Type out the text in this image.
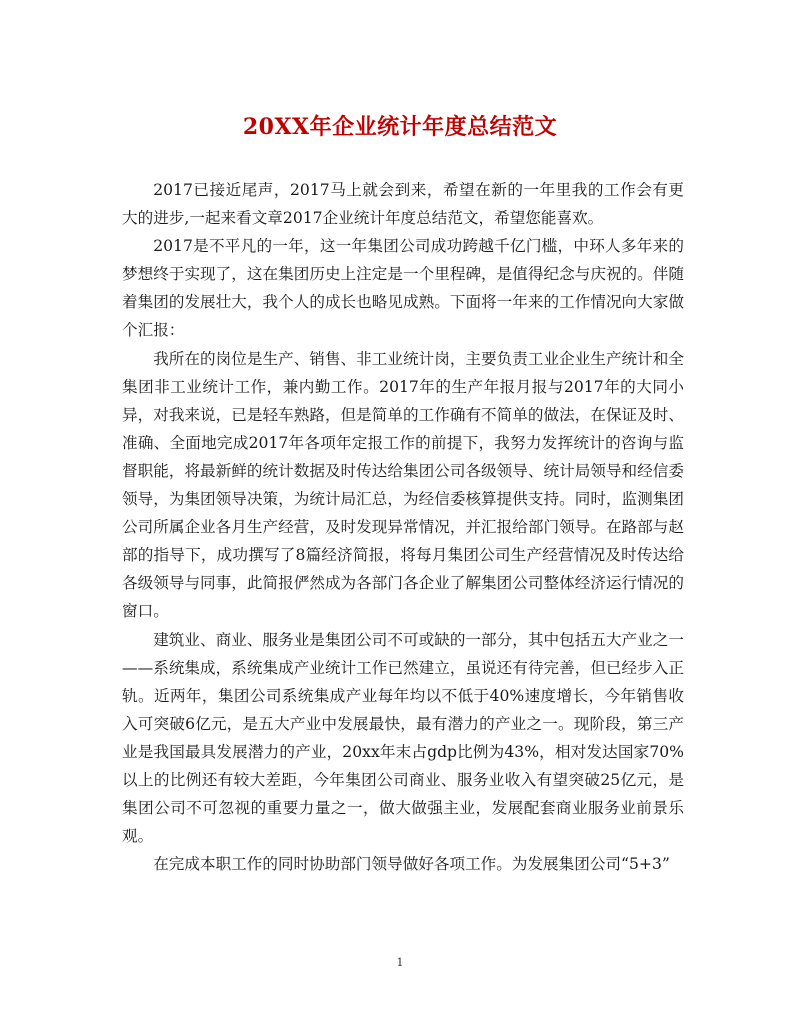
20XX年企业统计年度总结范文

2017已接近尾声，2017马上就会到来，希望在新的一年里我的工作会有更大的进步,一起来看文章2017企业统计年度总结范文，希望您能喜欢。

2017是不平凡的一年，这一年集团公司成功跨越千亿门槛，中环人多年来的梦想终于实现了，这在集团历史上注定是一个里程碑，是值得纪念与庆祝的。伴随着集团的发展壮大，我个人的成长也略见成熟。下面将一年来的工作情况向大家做个汇报：

我所在的岗位是生产、销售、非工业统计岗，主要负责工业企业生产统计和全集团非工业统计工作，兼内勤工作。2017年的生产年报月报与2017年的大同小异，对我来说，已是轻车熟路，但是简单的工作确有不简单的做法，在保证及时、准确、全面地完成2017年各项年定报工作的前提下，我努力发挥统计的咨询与监督职能，将最新鲜的统计数据及时传达给集团公司各级领导、统计局领导和经信委领导，为集团领导决策，为统计局汇总，为经信委核算提供支持。同时，监测集团公司所属企业各月生产经营，及时发现异常情况，并汇报给部门领导。在路部与赵部的指导下，成功撰写了8篇经济简报，将每月集团公司生产经营情况及时传达给各级领导与同事，此简报俨然成为各部门各企业了解集团公司整体经济运行情况的窗口。

建筑业、商业、服务业是集团公司不可或缺的一部分，其中包括五大产业之一——系统集成，系统集成产业统计工作已然建立，虽说还有待完善，但已经步入正轨。近两年，集团公司系统集成产业每年均以不低于40%速度增长，今年销售收入可突破6亿元，是五大产业中发展最快，最有潜力的产业之一。现阶段，第三产业是我国最具发展潜力的产业，20xx年末占gdp比例为43%，相对发达国家70%以上的比例还有较大差距，今年集团公司商业、服务业收入有望突破25亿元，是集团公司不可忽视的重要力量之一，做大做强主业，发展配套商业服务业前景乐观。

在完成本职工作的同时协助部门领导做好各项工作。为发展集团公司“5+3”

1
